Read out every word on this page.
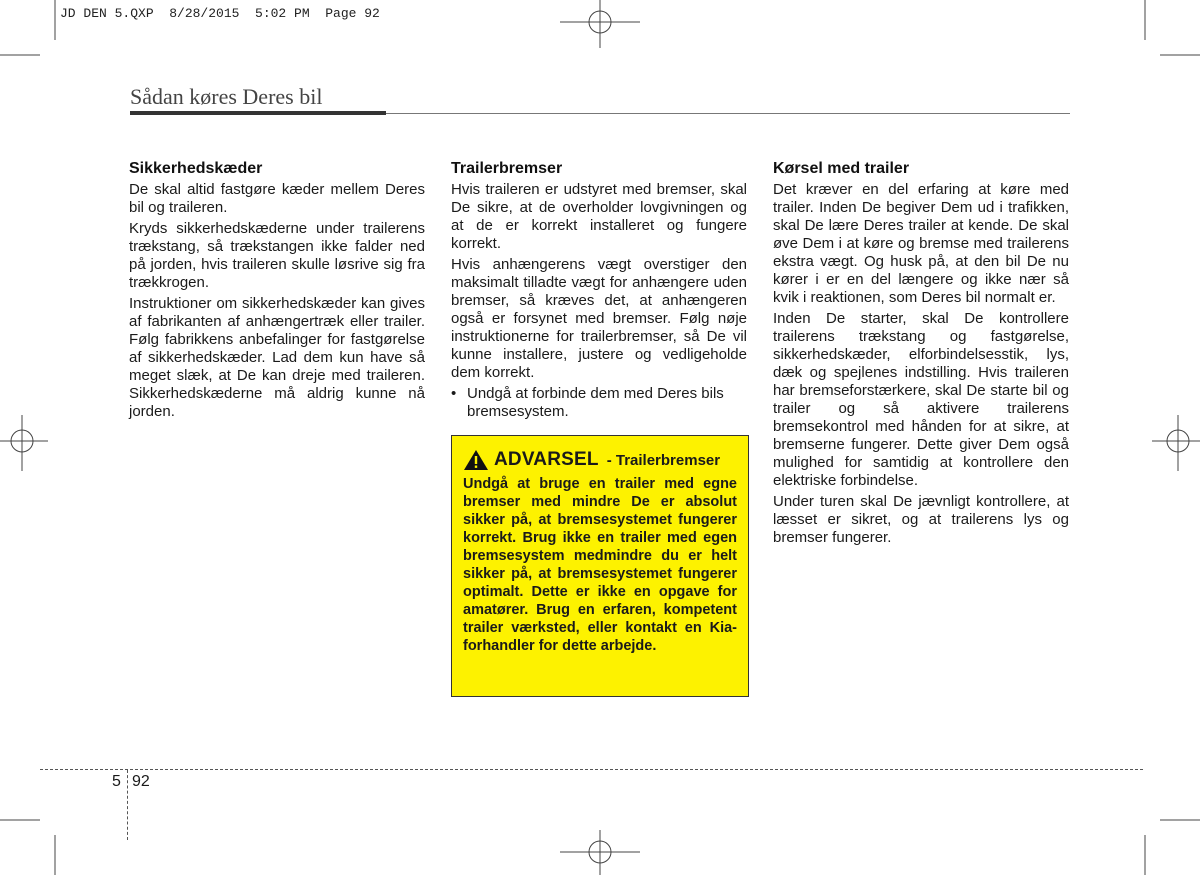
JD DEN 5.QXP  8/28/2015  5:02 PM  Page 92
Sådan køres Deres bil
Sikkerhedskæder

De skal altid fastgøre kæder mellem Deres bil og traileren.

Kryds sikkerhedskæderne under trailerens trækstang, så trækstangen ikke falder ned på jorden, hvis traileren skulle løsrive sig fra trækkrogen.

Instruktioner om sikkerhedskæder kan gives af fabrikanten af anhængertræk eller trailer. Følg fabrikkens anbefalinger for fastgørelse af sikkerhedskæder. Lad dem kun have så meget slæk, at De kan dreje med traileren. Sikkerhedskæderne må aldrig kunne nå jorden.

Trailerbremser

Hvis traileren er udstyret med bremser, skal De sikre, at de overholder lovgivningen og at de er korrekt installeret og fungere korrekt.

Hvis anhængerens vægt overstiger den maksimalt tilladte vægt for anhængere uden bremser, så kræves det, at anhængeren også er forsynet med bremser. Følg nøje instruktionerne for trailerbremser, så De vil kunne installere, justere og vedligeholde dem korrekt.

• Undgå at forbinde dem med Deres bils bremsesystem.
ADVARSEL - Trailerbremser

Undgå at bruge en trailer med egne bremser med mindre De er absolut sikker på, at bremsesystemet fungerer korrekt. Brug ikke en trailer med egen bremsesystem medmindre du er helt sikker på, at bremsesystemet fungerer optimalt. Dette er ikke en opgave for amatører. Brug en erfaren, kompetent trailer værksted, eller kontakt en Kia-forhandler for dette arbejde.

Kørsel med trailer

Det kræver en del erfaring at køre med trailer. Inden De begiver Dem ud i trafikken, skal De lære Deres trailer at kende. De skal øve Dem i at køre og bremse med trailerens ekstra vægt. Og husk på, at den bil De nu kører i er en del længere og ikke nær så kvik i reaktionen, som Deres bil normalt er.

Inden De starter, skal De kontrollere trailerens trækstang og fastgørelse, sikkerhedskæder, elforbindelsesstik, lys, dæk og spejlenes indstilling. Hvis traileren har bremseforstærkere, skal De starte bil og trailer og så aktivere trailerens bremsekontrol med hånden for at sikre, at bremserne fungerer. Dette giver Dem også mulighed for samtidig at kontrollere den elektriske forbindelse.

Under turen skal De jævnligt kontrollere, at læsset er sikret, og at trailerens lys og bremser fungerer.

5 92
